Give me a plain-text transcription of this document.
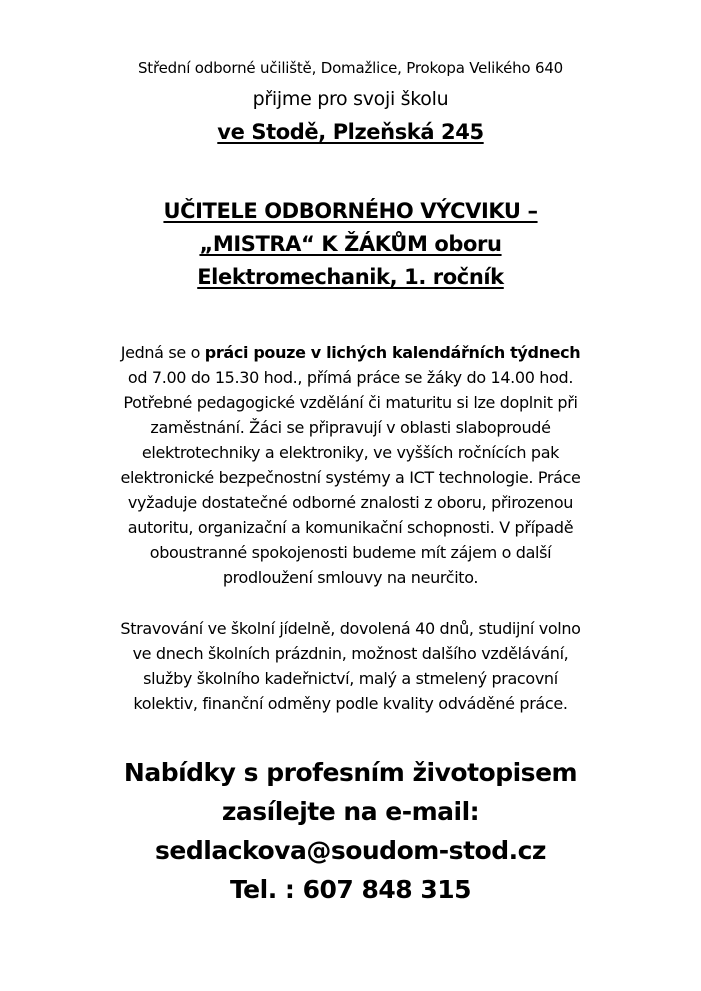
Střední odborné učiliště, Domažlice, Prokopa Velikého 640
přijme pro svoji školu
ve Stodě, Plzeňská 245
UČITELE ODBORNÉHO VÝCVIKU –
„MISTRA“ K ŽÁKŮM oboru
Elektromechanik, 1. ročník
Jedná se o práci pouze v lichých kalendářních týdnech
od 7.00 do 15.30 hod., přímá práce se žáky do 14.00 hod.
Potřebné pedagogické vzdělání či maturitu si lze doplnit při
zaměstnání. Žáci se připravují v oblasti slaboproudé
elektrotechniky a elektroniky, ve vyšších ročnících pak
elektronické bezpečnostní systémy a ICT technologie. Práce
vyžaduje dostatečné odborné znalosti z oboru, přirozenou
autoritu, organizační a komunikační schopnosti. V případě
oboustranné spokojenosti budeme mít zájem o další
prodloužení smlouvy na neurčito.
Stravování ve školní jídelně, dovolená 40 dnů, studijní volno
ve dnech školních prázdnin, možnost dalšího vzdělávání,
služby školního kadeřnictví, malý a stmelený pracovní
kolektiv, finanční odměny podle kvality odváděné práce.
Nabídky s profesním životopisem
zasílejte na e-mail:
sedlackova@soudom-stod.cz
Tel. : 607 848 315
